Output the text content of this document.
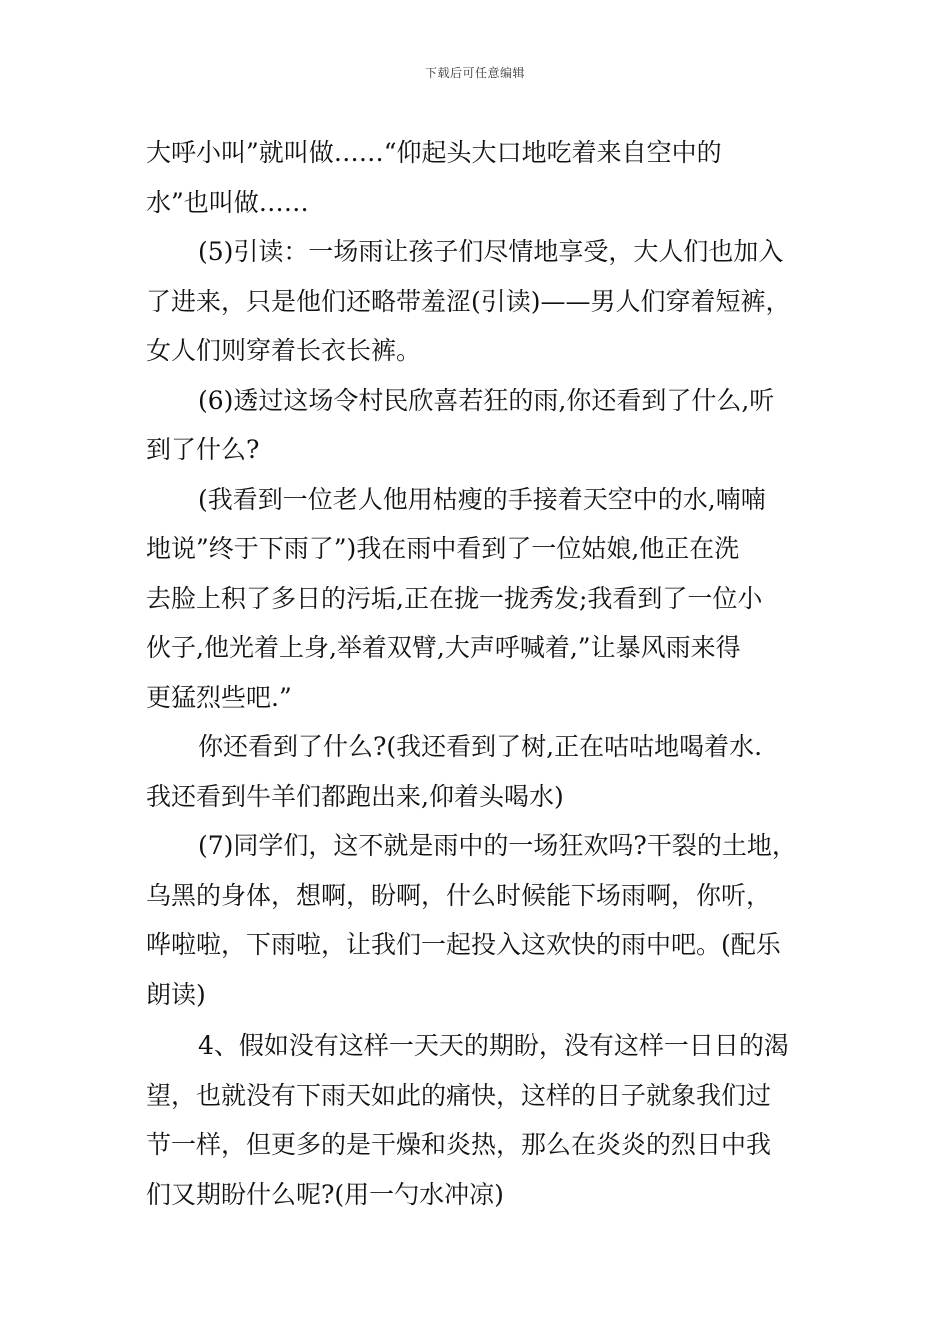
下载后可任意编辑
大呼小叫”就叫做……“仰起头大口地吃着来自空中的
水”也叫做……
(5)引读：一场雨让孩子们尽情地享受，大人们也加入
了进来，只是他们还略带羞涩(引读)——男人们穿着短裤，
女人们则穿着长衣长裤。
(6)透过这场令村民欣喜若狂的雨,你还看到了什么,听
到了什么?
(我看到一位老人他用枯瘦的手接着天空中的水,喃喃
地说”终于下雨了”)我在雨中看到了一位姑娘,他正在洗
去脸上积了多日的污垢,正在拢一拢秀发;我看到了一位小
伙子,他光着上身,举着双臂,大声呼喊着,”让暴风雨来得
更猛烈些吧.”
你还看到了什么?(我还看到了树,正在咕咕地喝着水.
我还看到牛羊们都跑出来,仰着头喝水)
(7)同学们，这不就是雨中的一场狂欢吗?干裂的土地，
乌黑的身体，想啊，盼啊，什么时候能下场雨啊，你听，
哗啦啦，下雨啦，让我们一起投入这欢快的雨中吧。(配乐
朗读)
4、假如没有这样一天天的期盼，没有这样一日日的渴
望，也就没有下雨天如此的痛快，这样的日子就象我们过
节一样，但更多的是干燥和炎热，那么在炎炎的烈日中我
们又期盼什么呢?(用一勺水冲凉)
